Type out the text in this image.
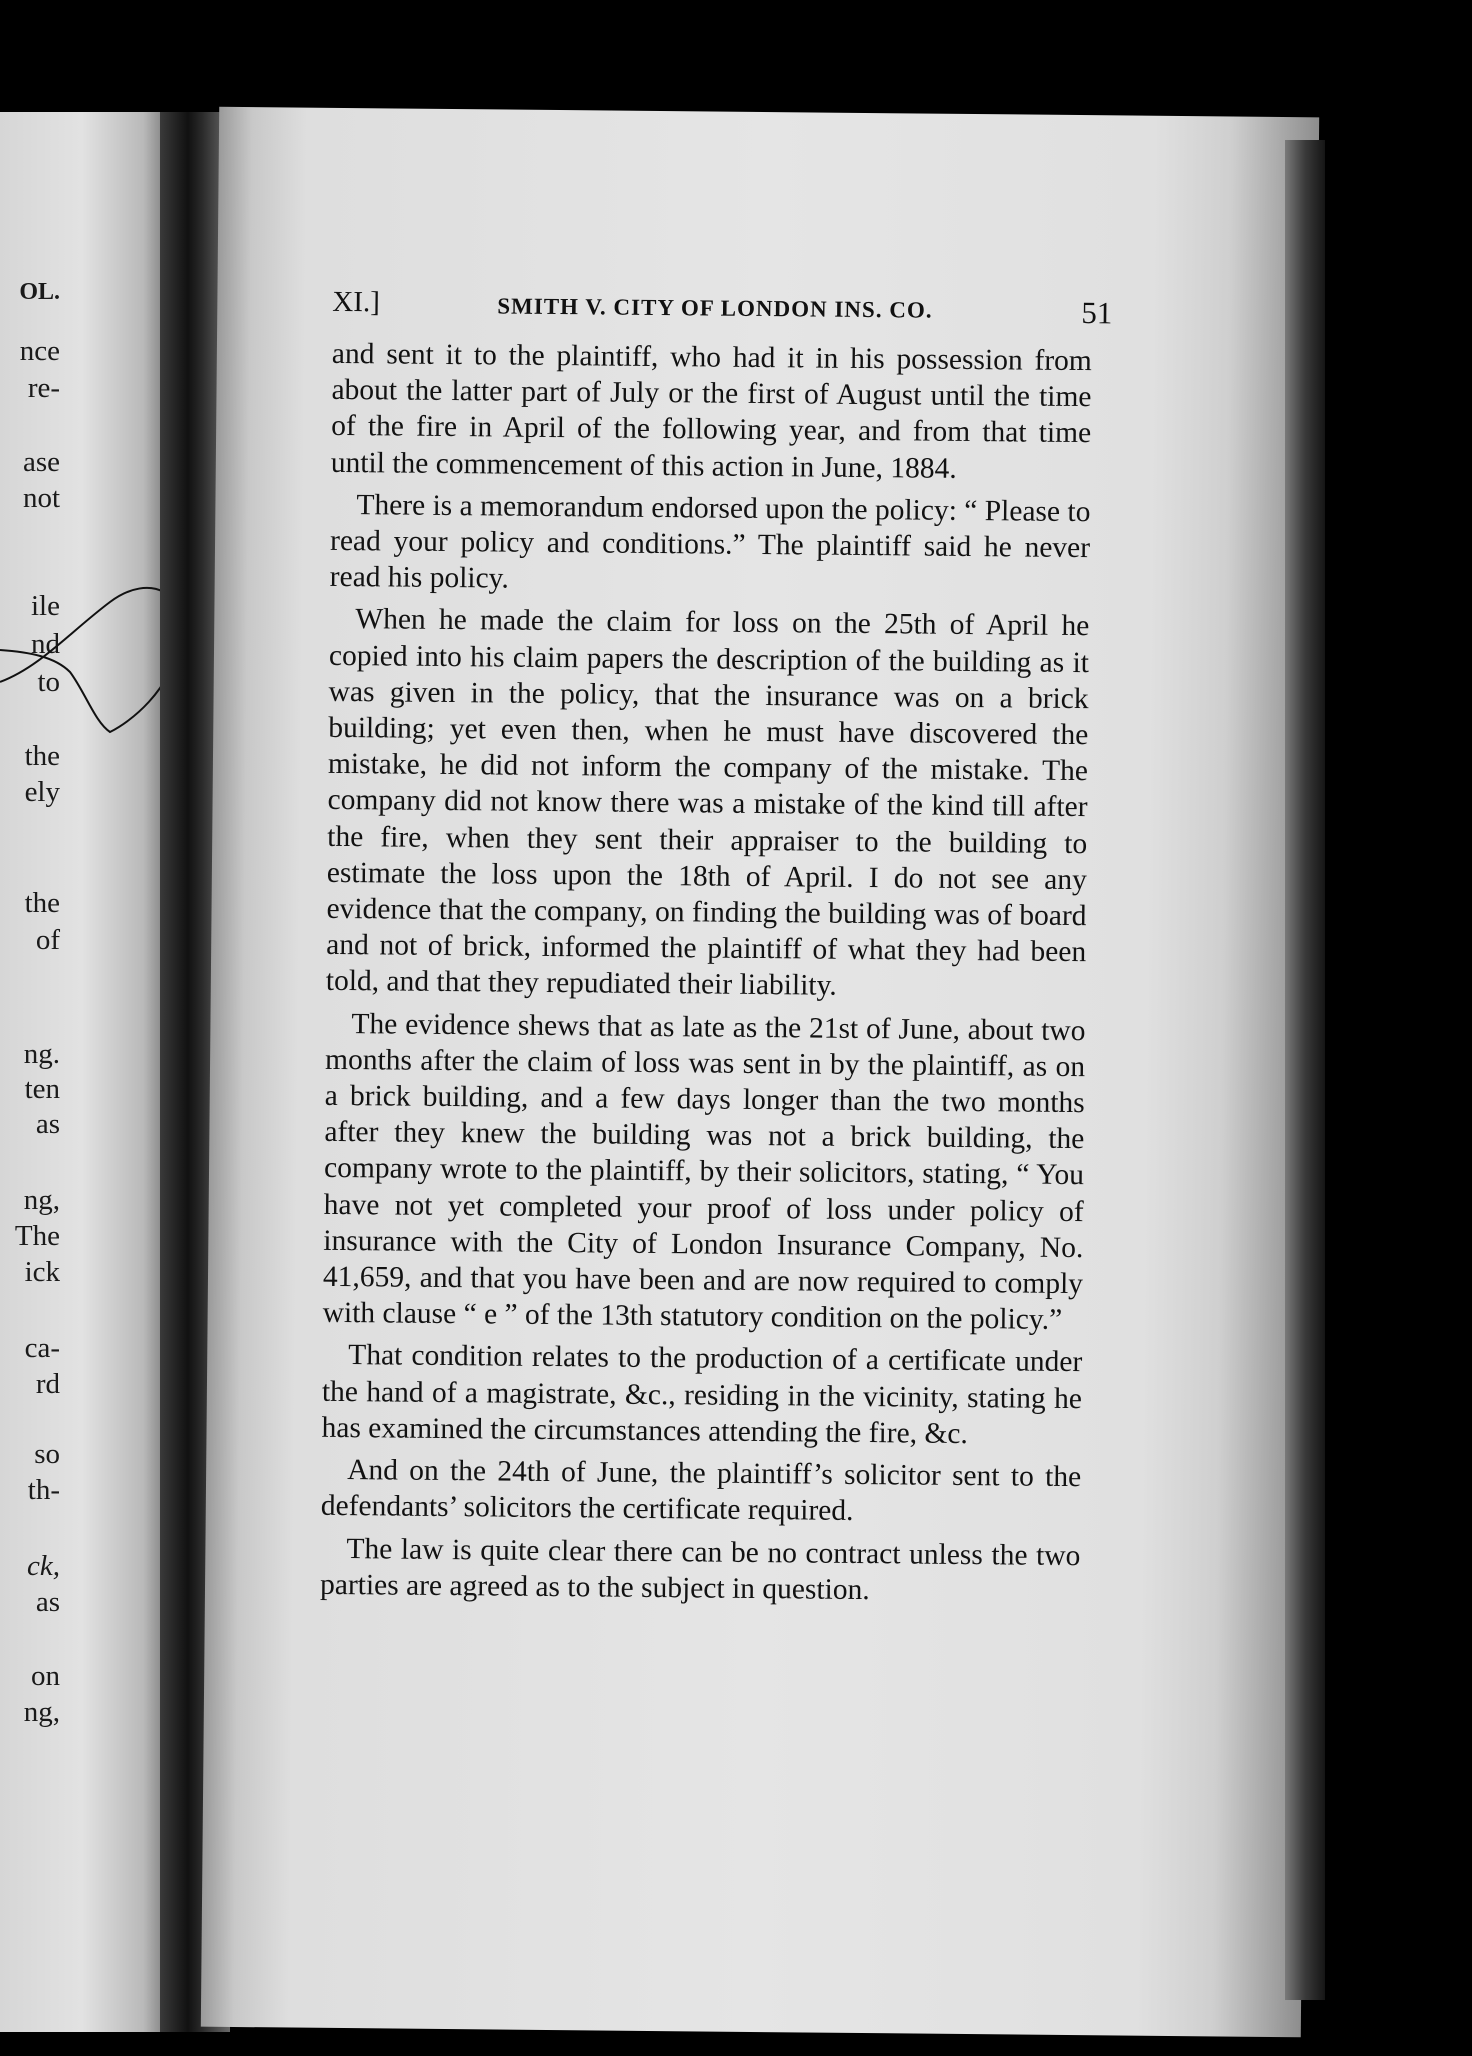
OL.
nce
re-
ase
not
ile
nd
to
the
ely
the
of
ng.
ten
as
ng,
The
ick
ca-
rd
so
th-
ck,
as
on
ng,
XI.]	SMITH V. CITY OF LONDON INS. CO.	51

and sent it to the plaintiff, who had it in his possession from about the latter part of July or the first of August until the time of the fire in April of the following year, and from that time until the commencement of this action in June, 1884.

There is a memorandum endorsed upon the policy: “ Please to read your policy and conditions.” The plaintiff said he never read his policy.

When he made the claim for loss on the 25th of April he copied into his claim papers the description of the building as it was given in the policy, that the insurance was on a brick building; yet even then, when he must have discovered the mistake, he did not inform the company of the mistake. The company did not know there was a mistake of the kind till after the fire, when they sent their appraiser to the building to estimate the loss upon the 18th of April. I do not see any evidence that the company, on finding the building was of board and not of brick, informed the plaintiff of what they had been told, and that they repudiated their liability.

The evidence shews that as late as the 21st of June, about two months after the claim of loss was sent in by the plaintiff, as on a brick building, and a few days longer than the two months after they knew the building was not a brick building, the company wrote to the plaintiff, by their solicitors, stating, “ You have not yet completed your proof of loss under policy of insurance with the City of London Insurance Company, No. 41,659, and that you have been and are now required to comply with clause “ e ” of the 13th statutory condition on the policy.”

That condition relates to the production of a certificate under the hand of a magistrate, &c., residing in the vicinity, stating he has examined the circumstances attending the fire, &c.

And on the 24th of June, the plaintiff’s solicitor sent to the defendants’ solicitors the certificate required.

The law is quite clear there can be no contract unless the two parties are agreed as to the subject in question.
